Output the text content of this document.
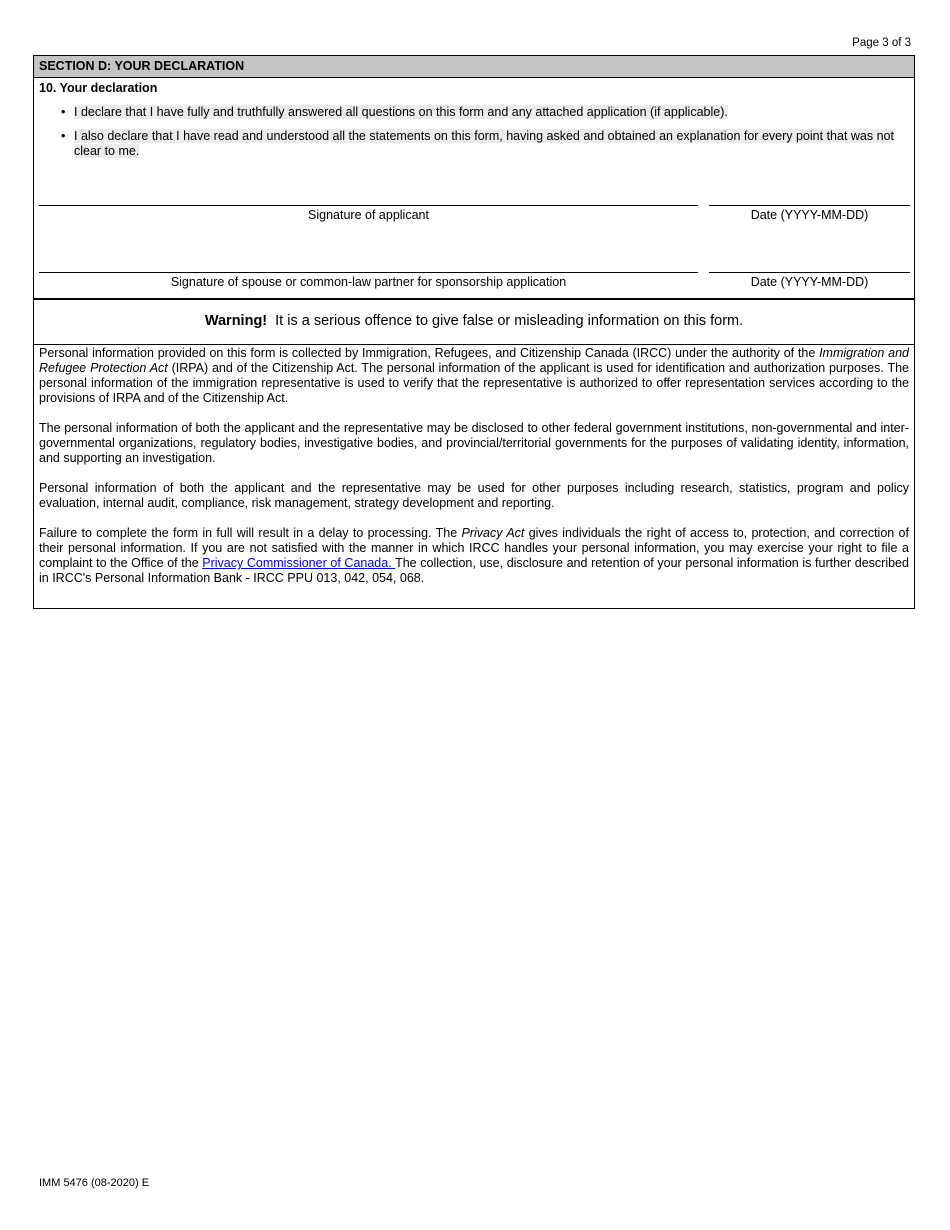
Page 3 of 3
SECTION D: YOUR DECLARATION
10. Your declaration
• I declare that I have fully and truthfully answered all questions on this form and any attached application (if applicable).
• I also declare that I have read and understood all the statements on this form, having asked and obtained an explanation for every point that was not clear to me.
Signature of applicant	Date (YYYY-MM-DD)
Signature of spouse or common-law partner for sponsorship application	Date (YYYY-MM-DD)
Warning! It is a serious offence to give false or misleading information on this form.

Personal information provided on this form is collected by Immigration, Refugees, and Citizenship Canada (IRCC) under the authority of the Immigration and Refugee Protection Act (IRPA) and of the Citizenship Act. The personal information of the applicant is used for identification and authorization purposes. The personal information of the immigration representative is used to verify that the representative is authorized to offer representation services according to the provisions of IRPA and of the Citizenship Act.

The personal information of both the applicant and the representative may be disclosed to other federal government institutions, non-governmental and inter-governmental organizations, regulatory bodies, investigative bodies, and provincial/territorial governments for the purposes of validating identity, information, and supporting an investigation.

Personal information of both the applicant and the representative may be used for other purposes including research, statistics, program and policy evaluation, internal audit, compliance, risk management, strategy development and reporting.

Failure to complete the form in full will result in a delay to processing. The Privacy Act gives individuals the right of access to, protection, and correction of their personal information. If you are not satisfied with the manner in which IRCC handles your personal information, you may exercise your right to file a complaint to the Office of the Privacy Commissioner of Canada. The collection, use, disclosure and retention of your personal information is further described in IRCC's Personal Information Bank - IRCC PPU 013, 042, 054, 068.

IMM 5476 (08-2020) E
